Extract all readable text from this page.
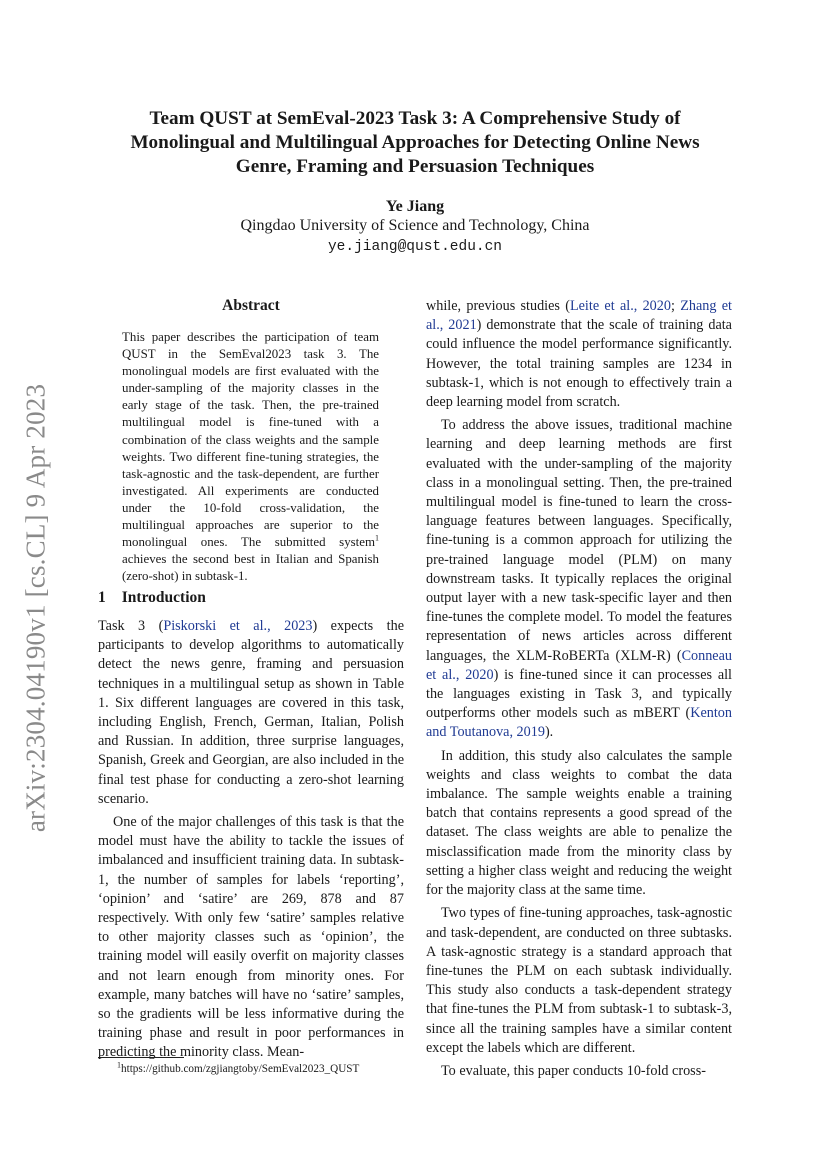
arXiv:2304.04190v1 [cs.CL] 9 Apr 2023
Team QUST at SemEval-2023 Task 3: A Comprehensive Study of
Monolingual and Multilingual Approaches for Detecting Online News
Genre, Framing and Persuasion Techniques
Ye Jiang
Qingdao University of Science and Technology, China
ye.jiang@qust.edu.cn
Abstract
This paper describes the participation of team QUST in the SemEval2023 task 3. The monolingual models are first evaluated with the under-sampling of the majority classes in the early stage of the task. Then, the pre-trained multilingual model is fine-tuned with a combination of the class weights and the sample weights. Two different fine-tuning strategies, the task-agnostic and the task-dependent, are further investigated. All experiments are conducted under the 10-fold cross-validation, the multilingual approaches are superior to the monolingual ones. The submitted system$^1$ achieves the second best in Italian and Spanish (zero-shot) in subtask-1.
1 Introduction

Task 3 (Piskorski et al., 2023) expects the participants to develop algorithms to automatically detect the news genre, framing and persuasion techniques in a multilingual setup as shown in Table 1. Six different languages are covered in this task, including English, French, German, Italian, Polish and Russian. In addition, three surprise languages, Spanish, Greek and Georgian, are also included in the final test phase for conducting a zero-shot learning scenario.

One of the major challenges of this task is that the model must have the ability to tackle the issues of imbalanced and insufficient training data. In subtask-1, the number of samples for labels ‘reporting’, ‘opinion’ and ‘satire’ are 269, 878 and 87 respectively. With only few ‘satire’ samples relative to other majority classes such as ‘opinion’, the training model will easily overfit on majority classes and not learn enough from minority ones. For example, many batches will have no ‘satire’ samples, so the gradients will be less informative during the training phase and result in poor performances in predicting the minority class. Mean-

while, previous studies (Leite et al., 2020; Zhang et al., 2021) demonstrate that the scale of training data could influence the model performance significantly. However, the total training samples are 1234 in subtask-1, which is not enough to effectively train a deep learning model from scratch.

To address the above issues, traditional machine learning and deep learning methods are first evaluated with the under-sampling of the majority class in a monolingual setting. Then, the pre-trained multilingual model is fine-tuned to learn the cross-language features between languages. Specifically, fine-tuning is a common approach for utilizing the pre-trained language model (PLM) on many downstream tasks. It typically replaces the original output layer with a new task-specific layer and then fine-tunes the complete model. To model the features representation of news articles across different languages, the XLM-RoBERTa (XLM-R) (Conneau et al., 2020) is fine-tuned since it can processes all the languages existing in Task 3, and typically outperforms other models such as mBERT (Kenton and Toutanova, 2019).

In addition, this study also calculates the sample weights and class weights to combat the data imbalance. The sample weights enable a training batch that contains represents a good spread of the dataset. The class weights are able to penalize the misclassification made from the minority class by setting a higher class weight and reducing the weight for the majority class at the same time.

Two types of fine-tuning approaches, task-agnostic and task-dependent, are conducted on three subtasks. A task-agnostic strategy is a standard approach that fine-tunes the PLM on each subtask individually. This study also conducts a task-dependent strategy that fine-tunes the PLM from subtask-1 to subtask-3, since all the training samples have a similar content except the labels which are different.

To evaluate, this paper conducts 10-fold cross-

$^1$https://github.com/zgjiangtoby/SemEval2023_QUST
